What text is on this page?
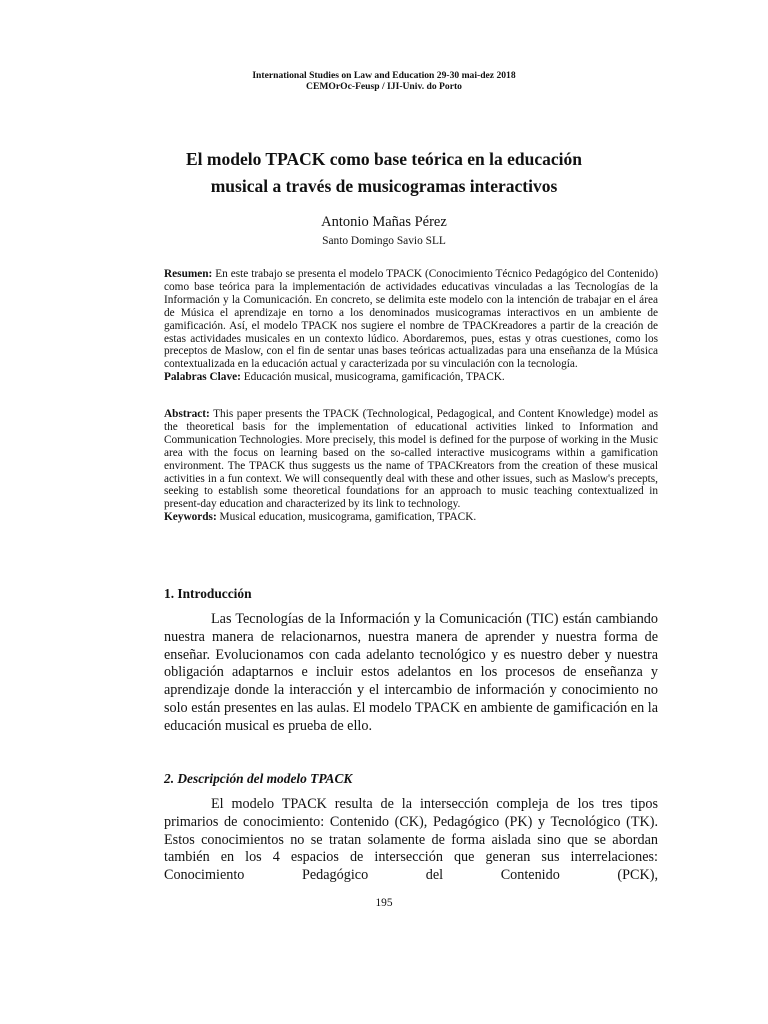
International Studies on Law and Education 29-30 mai-dez 2018
CEMOrOc-Feusp / IJI-Univ. do Porto
El modelo TPACK como base teórica en la educación
musical a través de musicogramas interactivos
Antonio Mañas Pérez
Santo Domingo Savio SLL

Resumen: En este trabajo se presenta el modelo TPACK (Conocimiento Técnico Pedagógico del Contenido) como base teórica para la implementación de actividades educativas vinculadas a las Tecnologías de la Información y la Comunicación. En concreto, se delimita este modelo con la intención de trabajar en el área de Música el aprendizaje en torno a los denominados musicogramas interactivos en un ambiente de gamificación. Así, el modelo TPACK nos sugiere el nombre de TPACKreadores a partir de la creación de estas actividades musicales en un contexto lúdico. Abordaremos, pues, estas y otras cuestiones, como los preceptos de Maslow, con el fin de sentar unas bases teóricas actualizadas para una enseñanza de la Música contextualizada en la educación actual y caracterizada por su vinculación con la tecnología.

Palabras Clave: Educación musical, musicograma, gamificación, TPACK.

Abstract: This paper presents the TPACK (Technological, Pedagogical, and Content Knowledge) model as the theoretical basis for the implementation of educational activities linked to Information and Communication Technologies. More precisely, this model is defined for the purpose of working in the Music area with the focus on learning based on the so-called interactive musicograms within a gamification environment. The TPACK thus suggests us the name of TPACKreators from the creation of these musical activities in a fun context. We will consequently deal with these and other issues, such as Maslow's precepts, seeking to establish some theoretical foundations for an approach to music teaching contextualized in present-day education and characterized by its link to technology.

Keywords: Musical education, musicograma, gamification, TPACK.

1. Introducción

Las Tecnologías de la Información y la Comunicación (TIC) están cambiando nuestra manera de relacionarnos, nuestra manera de aprender y nuestra forma de enseñar. Evolucionamos con cada adelanto tecnológico y es nuestro deber y nuestra obligación adaptarnos e incluir estos adelantos en los procesos de enseñanza y aprendizaje donde la interacción y el intercambio de información y conocimiento no solo están presentes en las aulas. El modelo TPACK en ambiente de gamificación en la educación musical es prueba de ello.

2. Descripción del modelo TPACK

El modelo TPACK resulta de la intersección compleja de los tres tipos primarios de conocimiento: Contenido (CK), Pedagógico (PK) y Tecnológico (TK). Estos conocimientos no se tratan solamente de forma aislada sino que se abordan también en los 4 espacios de intersección que generan sus interrelaciones: Conocimiento Pedagógico del Contenido (PCK),

195
